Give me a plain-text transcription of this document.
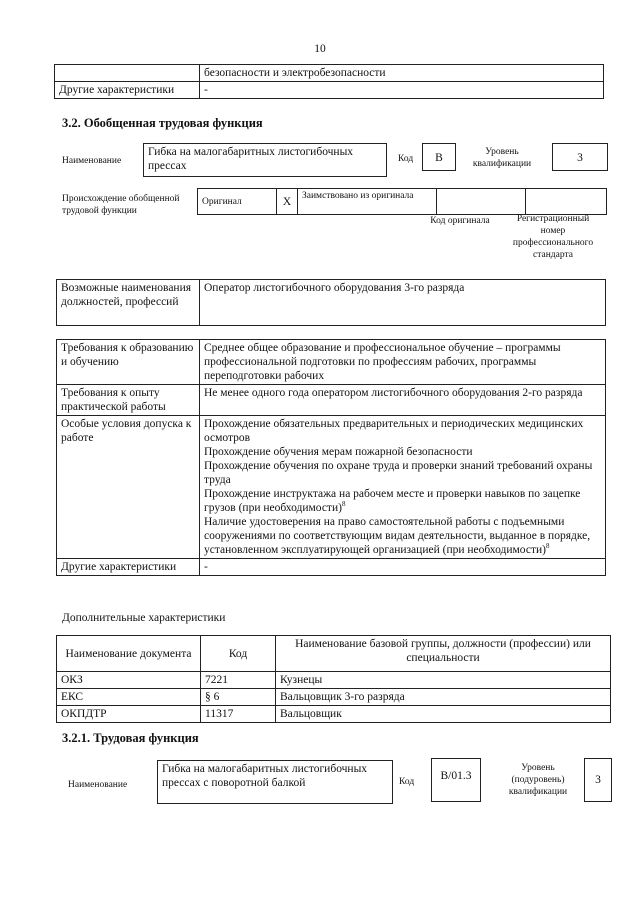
10
	безопасности и электробезопасности
Другие характеристики	-
3.2. Обобщенная трудовая функция
Наименование
Гибка на малогабаритных листогибочных прессах
Код	B	Уровень квалификации	3
Происхождение обобщенной трудовой функции
Оригинал	X	Заимствовано из оригинала		
Код оригинала	Регистрационный номер профессионального стандарта
Возможные наименования должностей, профессий	Оператор листогибочного оборудования 3-го разряда
Требования к образованию и обучению	Среднее общее образование и профессиональное обучение – программы профессиональной подготовки по профессиям рабочих, программы переподготовки рабочих
Требования к опыту практической работы	Не менее одного года оператором листогибочного оборудования 2-го разряда
Особые условия допуска к работе	Прохождение обязательных предварительных и периодических медицинских осмотров
Прохождение обучения мерам пожарной безопасности
Прохождение обучения по охране труда и проверки знаний требований охраны труда
Прохождение инструктажа на рабочем месте и проверки навыков по зацепке грузов (при необходимости)$^8$
Наличие удостоверения на право самостоятельной работы с подъемными сооружениями по соответствующим видам деятельности, выданное в порядке, установленном эксплуатирующей организацией (при необходимости)$^8$

Другие характеристики	-
Дополнительные характеристики
Наименование документа	Код	Наименование базовой группы, должности (профессии) или специальности
ОКЗ	7221	Кузнецы
ЕКС	§ 6	Вальцовщик 3-го разряда
ОКПДТР	11317	Вальцовщик
3.2.1. Трудовая функция
Наименование
Гибка на малогабаритных листогибочных прессах с поворотной балкой	Код	B/01.3
Уровень (подуровень) квалификации
3
